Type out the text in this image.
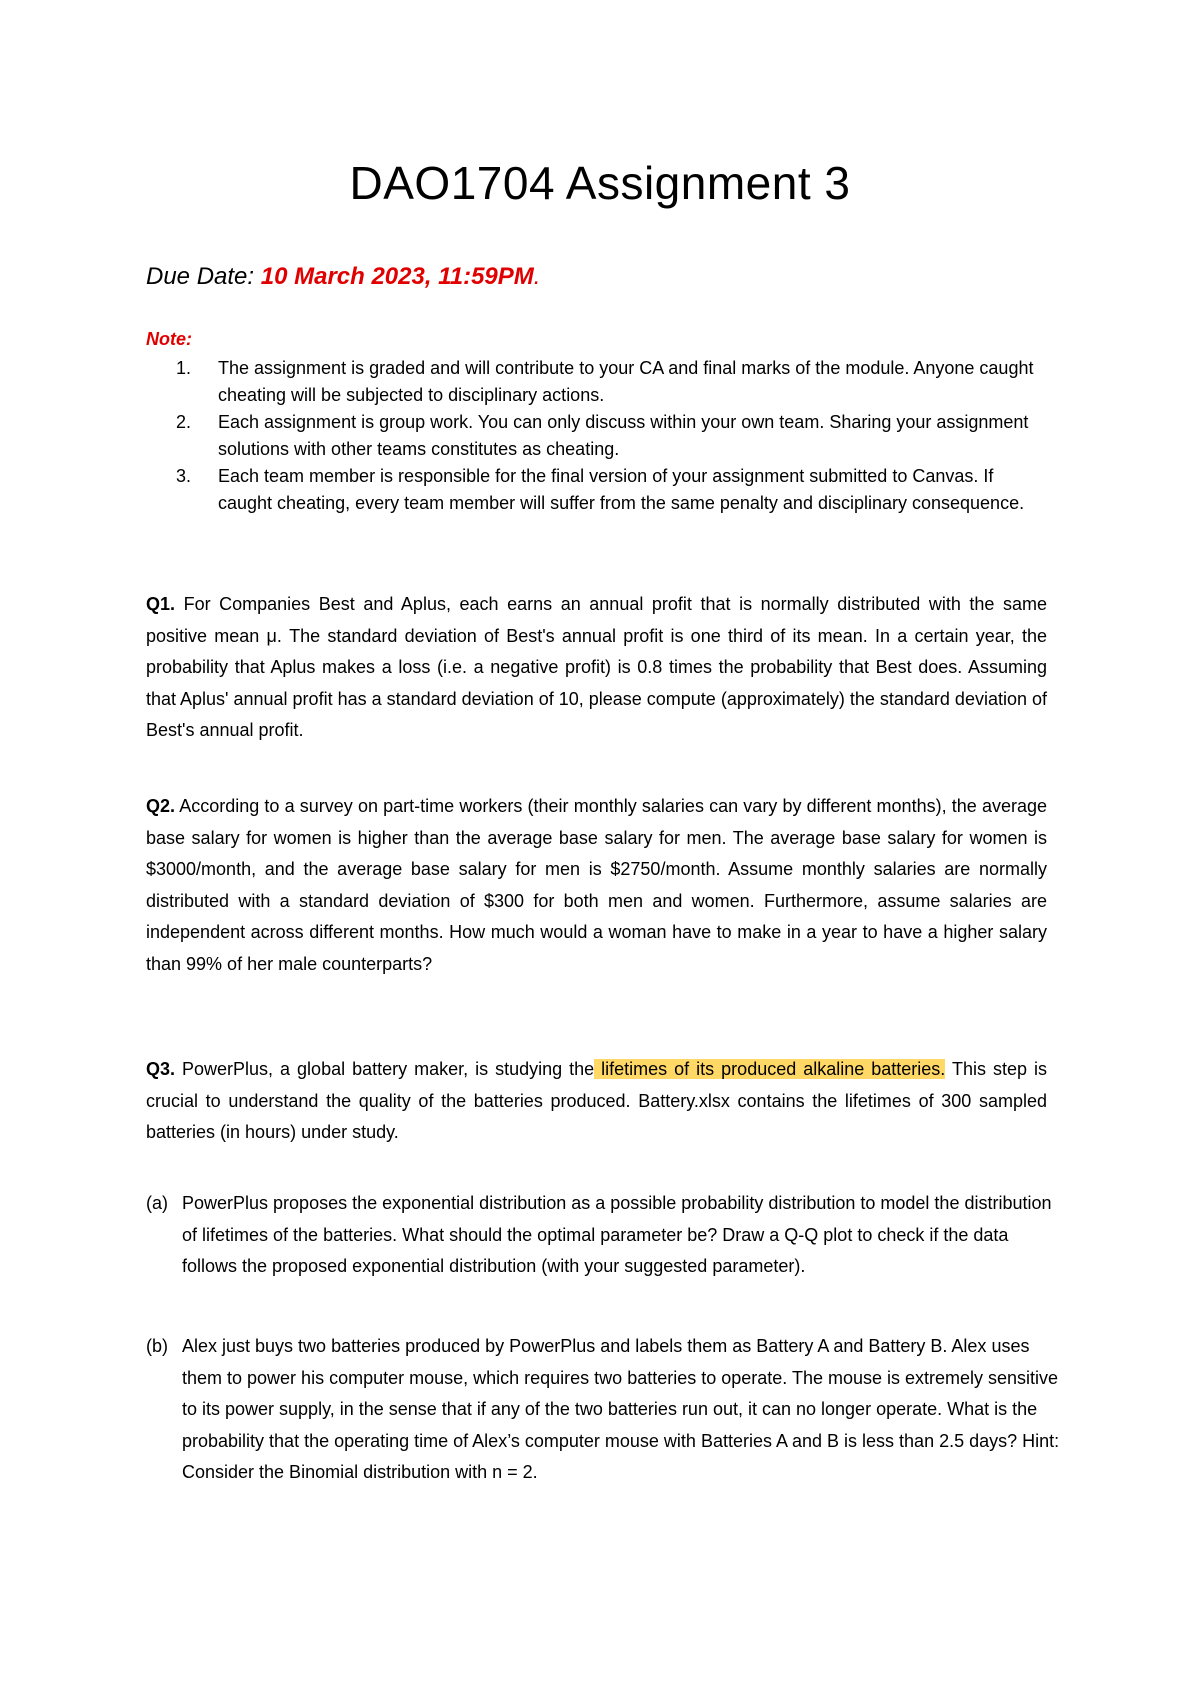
DAO1704 Assignment 3
Due Date: 10 March 2023, 11:59PM.
Note:
1. The assignment is graded and will contribute to your CA and final marks of the module. Anyone caught cheating will be subjected to disciplinary actions.
2. Each assignment is group work. You can only discuss within your own team. Sharing your assignment solutions with other teams constitutes as cheating.
3. Each team member is responsible for the final version of your assignment submitted to Canvas. If caught cheating, every team member will suffer from the same penalty and disciplinary consequence.

Q1. For Companies Best and Aplus, each earns an annual profit that is normally distributed with the same positive mean μ. The standard deviation of Best's annual profit is one third of its mean. In a certain year, the probability that Aplus makes a loss (i.e. a negative profit) is 0.8 times the probability that Best does. Assuming that Aplus' annual profit has a standard deviation of 10, please compute (approximately) the standard deviation of Best's annual profit.

Q2. According to a survey on part-time workers (their monthly salaries can vary by different months), the average base salary for women is higher than the average base salary for men. The average base salary for women is $3000/month, and the average base salary for men is $2750/month. Assume monthly salaries are normally distributed with a standard deviation of $300 for both men and women. Furthermore, assume salaries are independent across different months. How much would a woman have to make in a year to have a higher salary than 99% of her male counterparts?

Q3. PowerPlus, a global battery maker, is studying the lifetimes of its produced alkaline batteries. This step is crucial to understand the quality of the batteries produced. Battery.xlsx contains the lifetimes of 300 sampled batteries (in hours) under study.

(a) PowerPlus proposes the exponential distribution as a possible probability distribution to model the distribution of lifetimes of the batteries. What should the optimal parameter be? Draw a Q-Q plot to check if the data follows the proposed exponential distribution (with your suggested parameter).
(b) Alex just buys two batteries produced by PowerPlus and labels them as Battery A and Battery B. Alex uses them to power his computer mouse, which requires two batteries to operate. The mouse is extremely sensitive to its power supply, in the sense that if any of the two batteries run out, it can no longer operate. What is the probability that the operating time of Alex’s computer mouse with Batteries A and B is less than 2.5 days? Hint: Consider the Binomial distribution with n = 2.
